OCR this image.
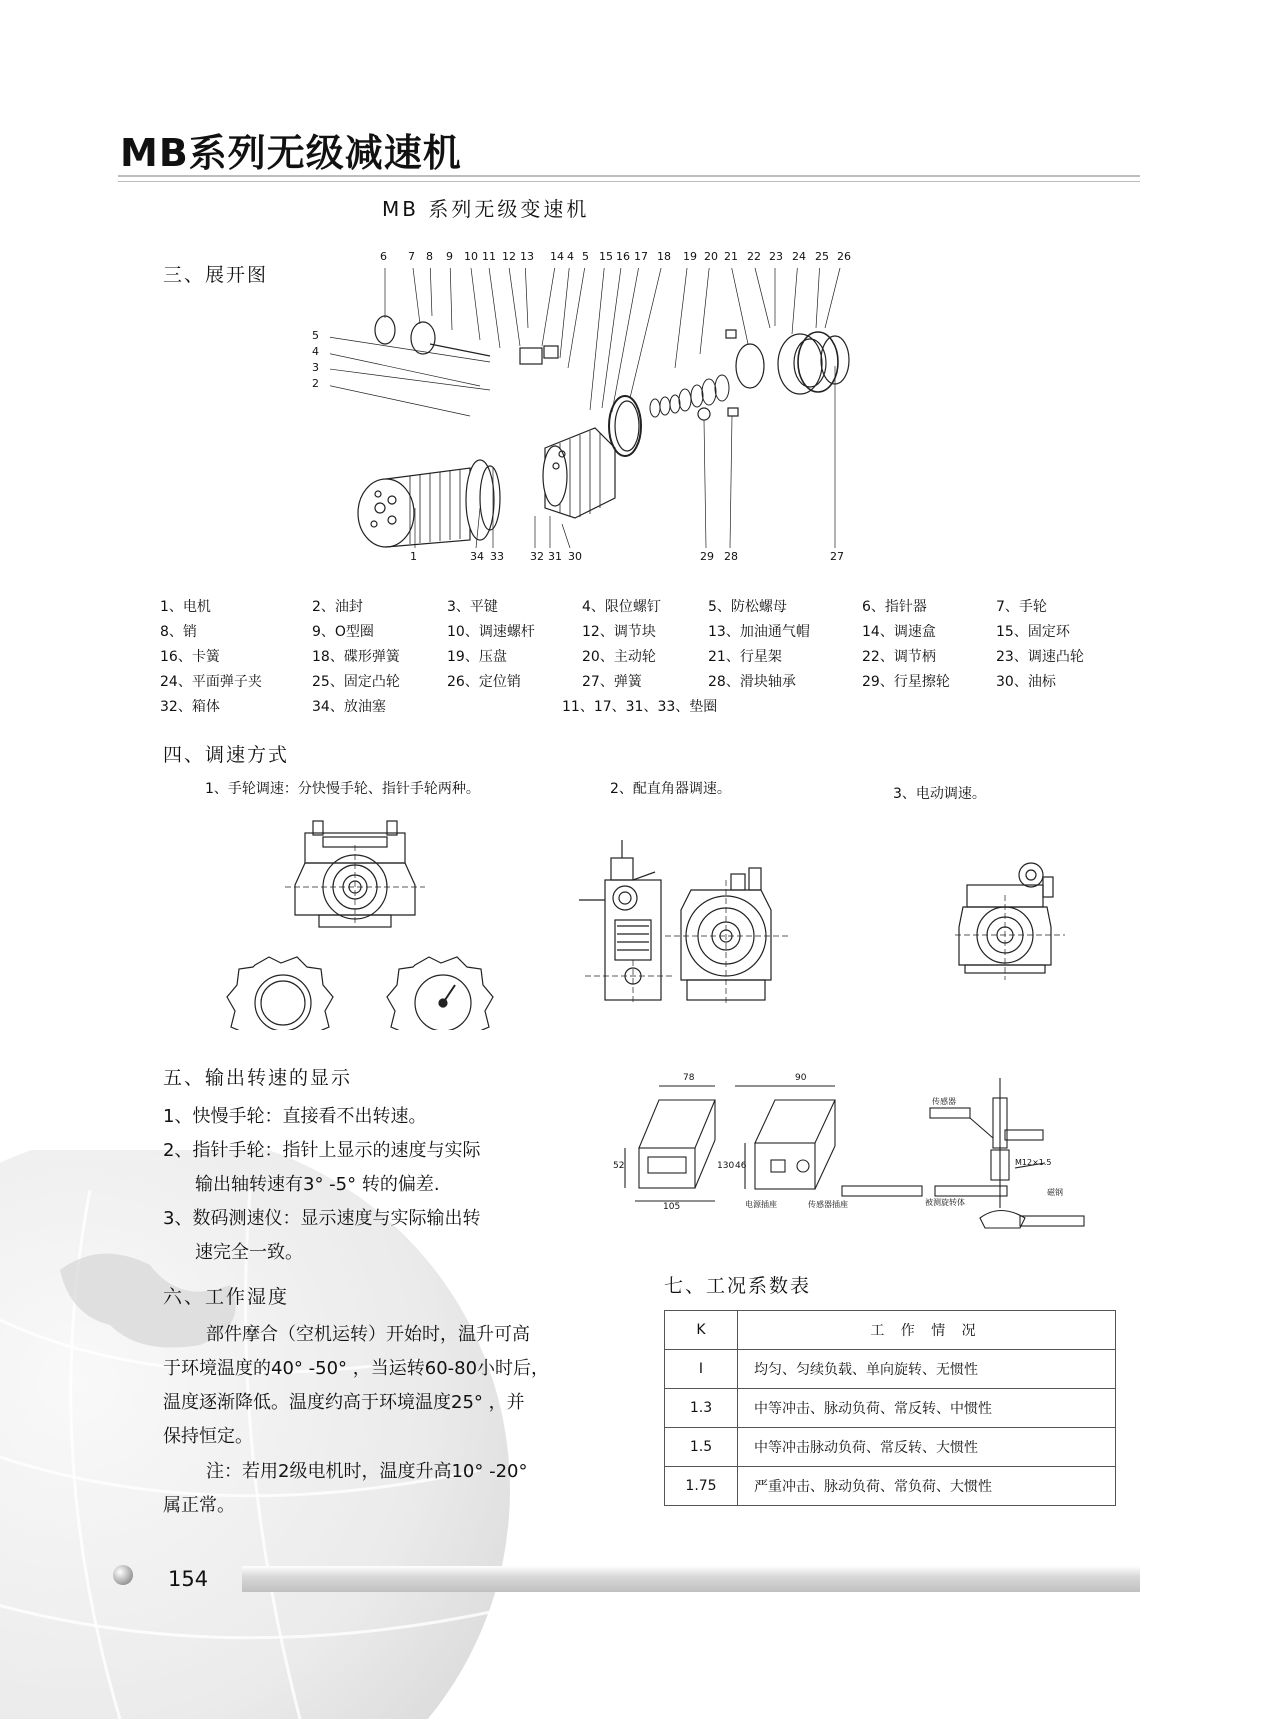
MB系列无级减速机
MB 系列无级变速机
三、展开图
6 7 8 9 10 11 12 13 14 4 5 15 16 17 18 19 20 21 22 23 24 25 26
5
4
3
2
1	34 33 32 31 30	29 28	27
1、电机	2、油封	3、平键	4、限位螺钉	5、防松螺母	6、指针器	7、手轮
8、销	9、O型圈	10、调速螺杆	12、调节块	13、加油通气帽	14、调速盒	15、固定环
16、卡簧	18、碟形弹簧	19、压盘	20、主动轮	21、行星架	22、调节柄	23、调速凸轮
24、平面弹子夹	25、固定凸轮	26、定位销	27、弹簧	28、滑块轴承	29、行星擦轮	30、油标
32、箱体	34、放油塞	11、17、31、33、垫圈
四、调速方式
1、手轮调速：分快慢手轮、指针手轮两种。	2、配直角器调速。	3、电动调速。
五、输出转速的显示
1、快慢手轮：直接看不出转速。
2、指针手轮：指针上显示的速度与实际
输出轴转速有3° -5° 转的偏差.
3、数码测速仪：显示速度与实际输出转
速完全一致。
78	90
52	130 46
105	电源插座	传感器插座
传感器
M12×1.5
被测旋转体
磁钢
六、工作湿度
部件摩合（空机运转）开始时，温升可高
于环境温度的40° -50° ，当运转60-80小时后，
温度逐渐降低。温度约高于环境温度25° ，并
保持恒定。
注：若用2级电机时，温度升高10° -20°
属正常。
七、工况系数表
K	工 作 情 况
I	均匀、匀续负载、单向旋转、无惯性
1.3	中等冲击、脉动负荷、常反转、中惯性
1.5	中等冲击脉动负荷、常反转、大惯性
1.75	严重冲击、脉动负荷、常负荷、大惯性
154
